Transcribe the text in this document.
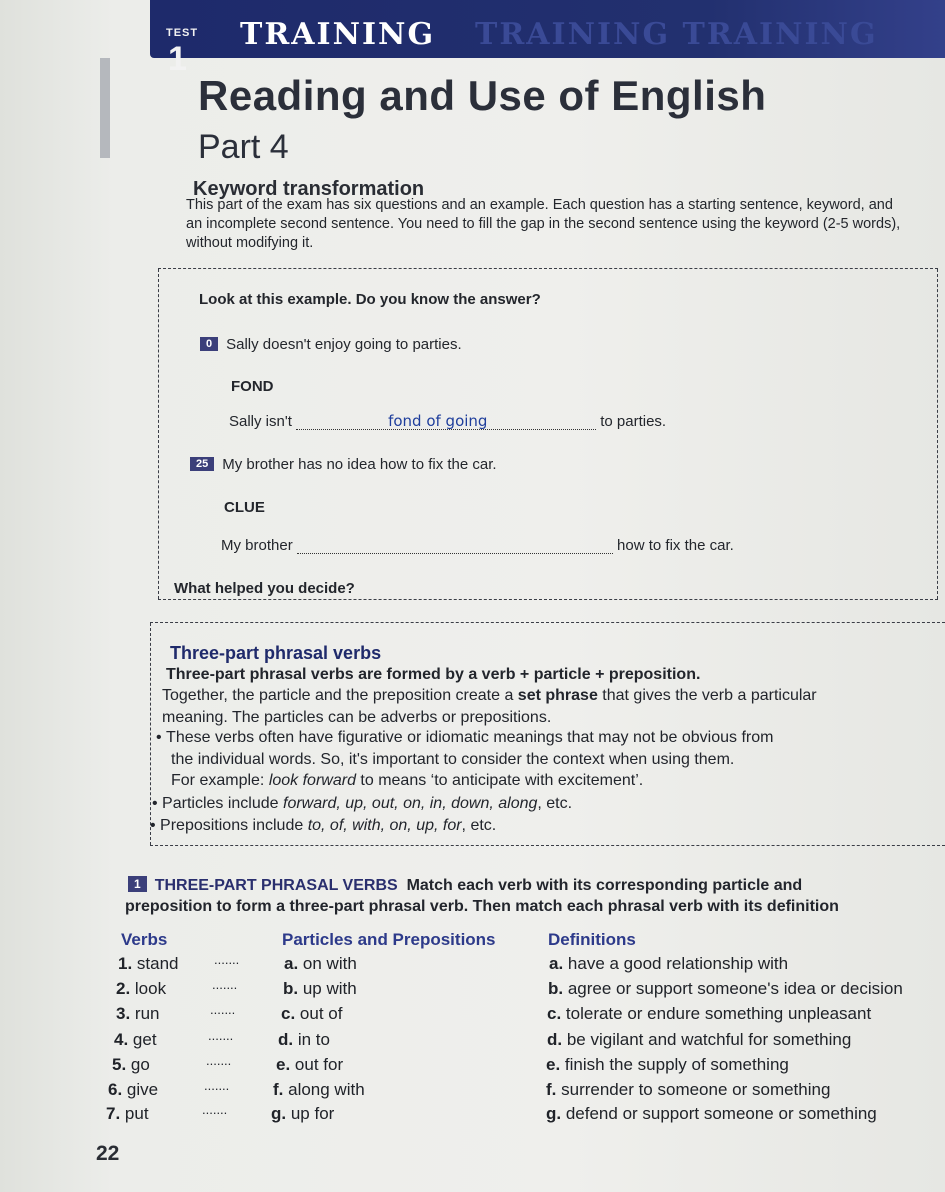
TEST
1
TRAINING TRAINING TRAINING
Reading and Use of English
Part 4
Keyword transformation

This part of the exam has six questions and an example. Each question has a starting sentence, keyword, and an incomplete second sentence. You need to fill the gap in the second sentence using the keyword (2-5 words), without modifying it.

Look at this example. Do you know the answer?
0 Sally doesn't enjoy going to parties.
FOND
Sally isn't	fond of going	to parties.
25 My brother has no idea how to fix the car.
CLUE
My brother	how to fix the car.
What helped you decide?
Three-part phrasal verbs
Three-part phrasal verbs are formed by a verb + particle + preposition.
Together, the particle and the preposition create a set phrase that gives the verb a particular
meaning. The particles can be adverbs or prepositions.
• These verbs often have figurative or idiomatic meanings that may not be obvious from
the individual words. So, it's important to consider the context when using them.
For example: look forward to means ‘to anticipate with excitement’.
• Particles include forward, up, out, on, in, down, along, etc.
• Prepositions include to, of, with, on, up, for, etc.
1 THREE-PART PHRASAL VERBS Match each verb with its corresponding particle and
preposition to form a three-part phrasal verb. Then match each phrasal verb with its definition
Verbs	Particles and Prepositions	Definitions
1. stand	.......	a. on with	a. have a good relationship with
2. look	.......	b. up with	b. agree or support someone's idea or decision
3. run	.......	c. out of	c. tolerate or endure something unpleasant
4. get	.......	d. in to	d. be vigilant and watchful for something
5. go	.......	e. out for	e. finish the supply of something
6. give	.......	f. along with	f. surrender to someone or something
7. put	.......	g. up for	g. defend or support someone or something
22
